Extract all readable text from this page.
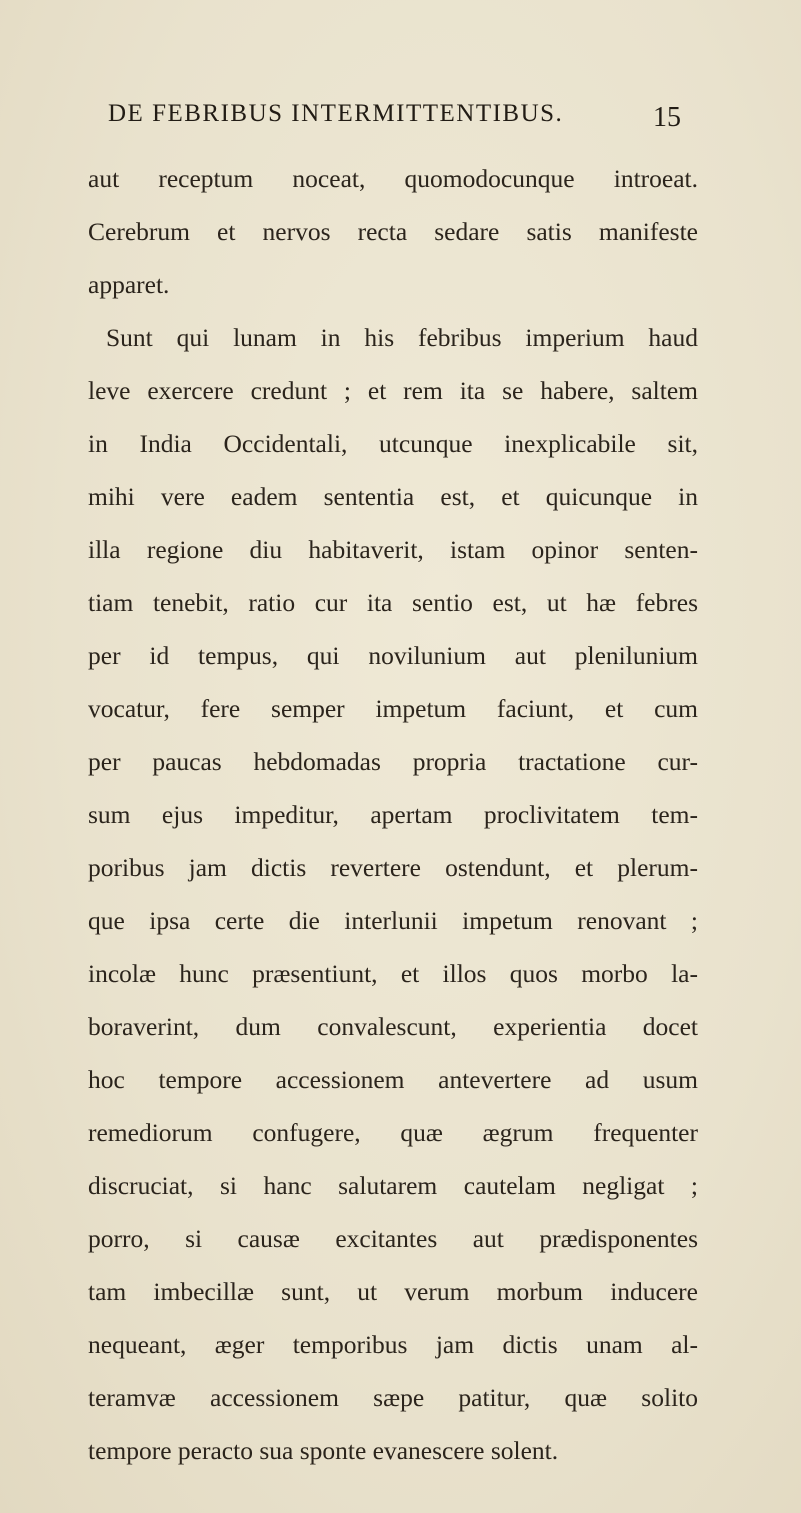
DE FEBRIBUS INTERMITTENTIBUS.	15
aut receptum noceat, quomodocunque introeat.
Cerebrum et nervos recta sedare satis manifeste
apparet.
Sunt qui lunam in his febribus imperium haud
leve exercere credunt ; et rem ita se habere, saltem
in India Occidentali, utcunque inexplicabile sit,
mihi vere eadem sententia est, et quicunque in
illa regione diu habitaverit, istam opinor senten-
tiam tenebit, ratio cur ita sentio est, ut hæ febres
per id tempus, qui novilunium aut plenilunium
vocatur, fere semper impetum faciunt, et cum
per paucas hebdomadas propria tractatione cur-
sum ejus impeditur, apertam proclivitatem tem-
poribus jam dictis revertere ostendunt, et plerum-
que ipsa certe die interlunii impetum renovant ;
incolæ hunc præsentiunt, et illos quos morbo la-
boraverint, dum convalescunt, experientia docet
hoc tempore accessionem antevertere ad usum
remediorum confugere, quæ ægrum frequenter
discruciat, si hanc salutarem cautelam negligat ;
porro, si causæ excitantes aut prædisponentes
tam imbecillæ sunt, ut verum morbum inducere
nequeant, æger temporibus jam dictis unam al-
teramvæ accessionem sæpe patitur, quæ solito
tempore peracto sua sponte evanescere solent.
